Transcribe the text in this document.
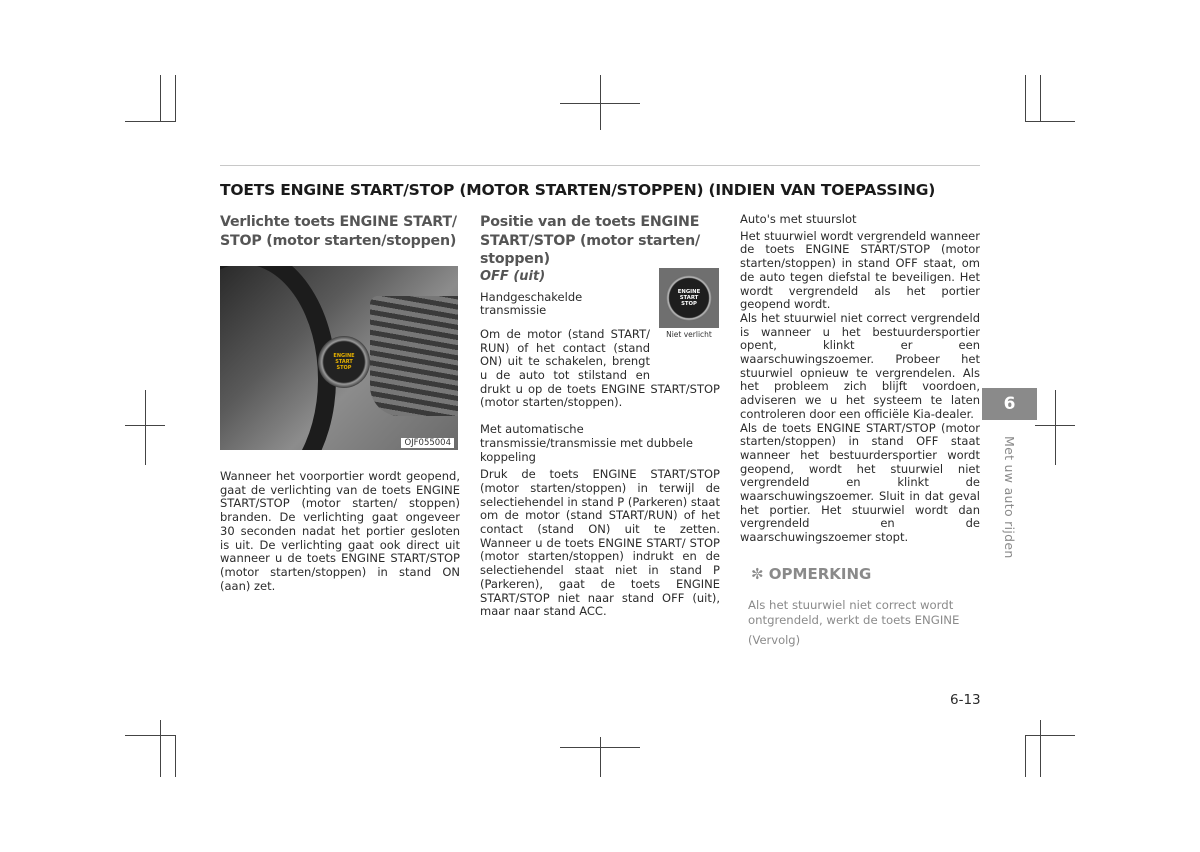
TOETS ENGINE START/STOP (MOTOR STARTEN/STOPPEN) (INDIEN VAN TOEPASSING)
Verlichte toets ENGINE START/ STOP (motor starten/stoppen)
ENGINE START STOP
OJF055004

Wanneer het voorportier wordt geopend, gaat de verlichting van de toets ENGINE START/STOP (motor starten/ stoppen) branden. De verlichting gaat ongeveer 30 seconden nadat het portier gesloten is uit. De verlichting gaat ook direct uit wanneer u de toets ENGINE START/STOP (motor starten/stoppen) in stand ON (aan) zet.

Positie van de toets ENGINE START/STOP (motor starten/ stoppen)

OFF (uit)

Handgeschakelde transmissie

Om de motor (stand START/ RUN) of het contact (stand ON) uit te schakelen, brengt u de auto tot stilstand en drukt u op de toets ENGINE START/STOP (motor starten/stoppen).

Met automatische transmissie/transmissie met dubbele koppeling

Druk de toets ENGINE START/STOP (motor starten/stoppen) in terwijl de selectiehendel in stand P (Parkeren) staat om de motor (stand START/RUN) of het contact (stand ON) uit te zetten. Wanneer u de toets ENGINE START/ STOP (motor starten/stoppen) indrukt en de selectiehendel staat niet in stand P (Parkeren), gaat de toets ENGINE START/STOP niet naar stand OFF (uit), maar naar stand ACC.

ENGINE START STOP
Niet verlicht

Auto's met stuurslot

Het stuurwiel wordt vergrendeld wanneer de toets ENGINE START/STOP (motor starten/stoppen) in stand OFF staat, om de auto tegen diefstal te beveiligen. Het wordt vergrendeld als het portier geopend wordt.

Als het stuurwiel niet correct vergrendeld is wanneer u het bestuurdersportier opent, klinkt er een waarschuwingszoemer. Probeer het stuurwiel opnieuw te vergrendelen. Als het probleem zich blijft voordoen, adviseren we u het systeem te laten controleren door een officiële Kia-dealer.

Als de toets ENGINE START/STOP (motor starten/stoppen) in stand OFF staat wanneer het bestuurdersportier wordt geopend, wordt het stuurwiel niet vergrendeld en klinkt de waarschuwingszoemer. Sluit in dat geval het portier. Het stuurwiel wordt dan vergrendeld en de waarschuwingszoemer stopt.

✼ OPMERKING
Als het stuurwiel niet correct wordt ontgrendeld, werkt de toets ENGINE
(Vervolg)
6
Met uw auto rijden
6-13
